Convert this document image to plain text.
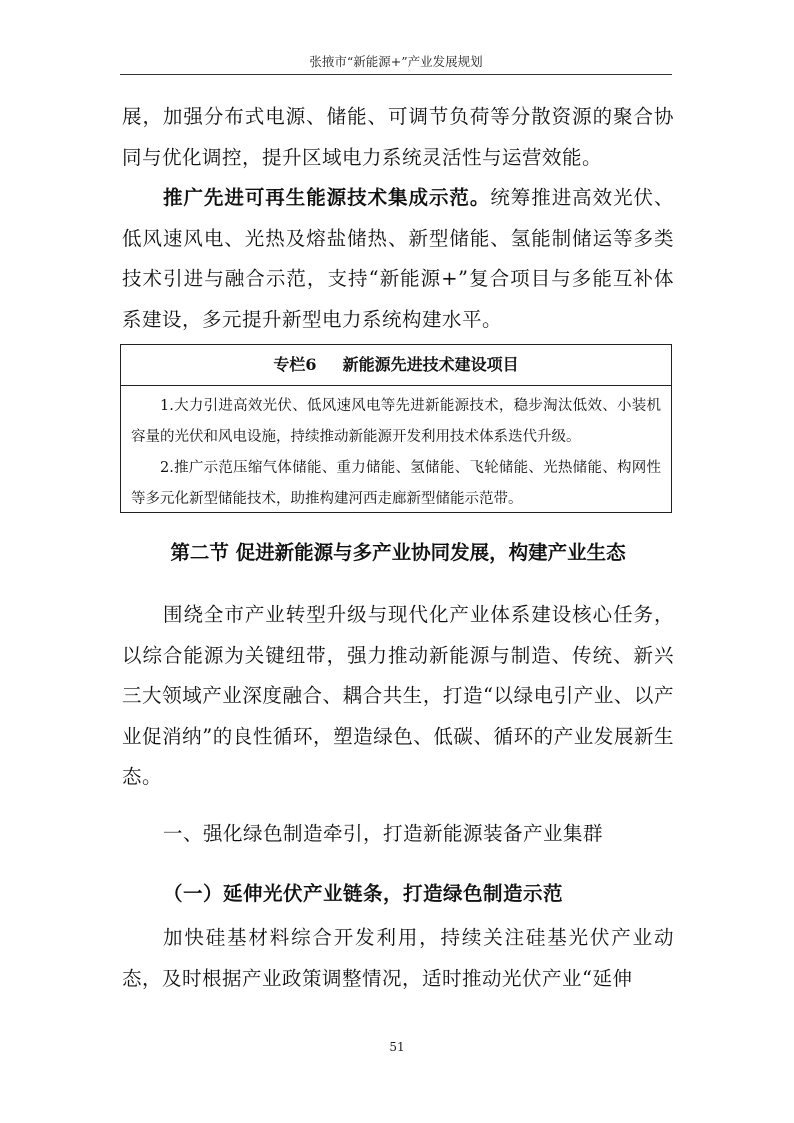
张掖市“新能源+”产业发展规划

展，加强分布式电源、储能、可调节负荷等分散资源的聚合协同与优化调控，提升区域电力系统灵活性与运营效能。

推广先进可再生能源技术集成示范。统筹推进高效光伏、低风速风电、光热及熔盐储热、新型储能、氢能制储运等多类技术引进与融合示范，支持“新能源+”复合项目与多能互补体系建设，多元提升新型电力系统构建水平。

专栏6 新能源先进技术建设项目

1.大力引进高效光伏、低风速风电等先进新能源技术，稳步淘汰低效、小装机容量的光伏和风电设施，持续推动新能源开发利用技术体系迭代升级。

2.推广示范压缩气体储能、重力储能、氢储能、飞轮储能、光热储能、构网性等多元化新型储能技术，助推构建河西走廊新型储能示范带。

第二节 促进新能源与多产业协同发展，构建产业生态

围绕全市产业转型升级与现代化产业体系建设核心任务，以综合能源为关键纽带，强力推动新能源与制造、传统、新兴三大领域产业深度融合、耦合共生，打造“以绿电引产业、以产业促消纳”的良性循环，塑造绿色、低碳、循环的产业发展新生态。

一、强化绿色制造牵引，打造新能源装备产业集群
（一）延伸光伏产业链条，打造绿色制造示范

加快硅基材料综合开发利用，持续关注硅基光伏产业动态，及时根据产业政策调整情况，适时推动光伏产业“延伸

51
